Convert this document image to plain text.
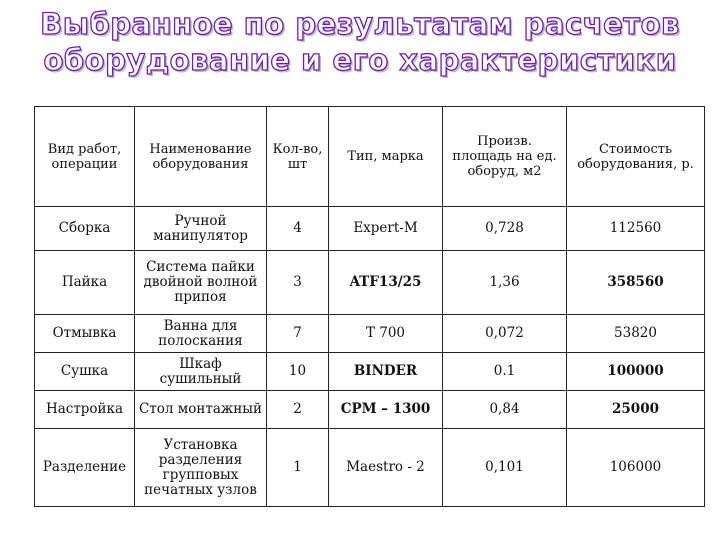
Выбранное по результатам расчетов
оборудование и его характеристики
Вид работ, операции	Наименование оборудования	Кол-во, шт	Тип, марка	Произв. площадь на ед. оборуд, м2	Стоимость оборудования, р.
Сборка	Ручной манипулятор	4	Expert-M	0,728	112560
Пайка	Система пайки двойной волной припоя	3	ATF13/25	1,36	358560
Отмывка	Ванна для полоскания	7	T 700	0,072	53820
Сушка	Шкаф сушильный	10	BINDER	0.1	100000
Настройка	Стол монтажный	2	СРМ – 1300	0,84	25000
Разделение	Установка разделения групповых печатных узлов	1	Maestro - 2	0,101	106000
